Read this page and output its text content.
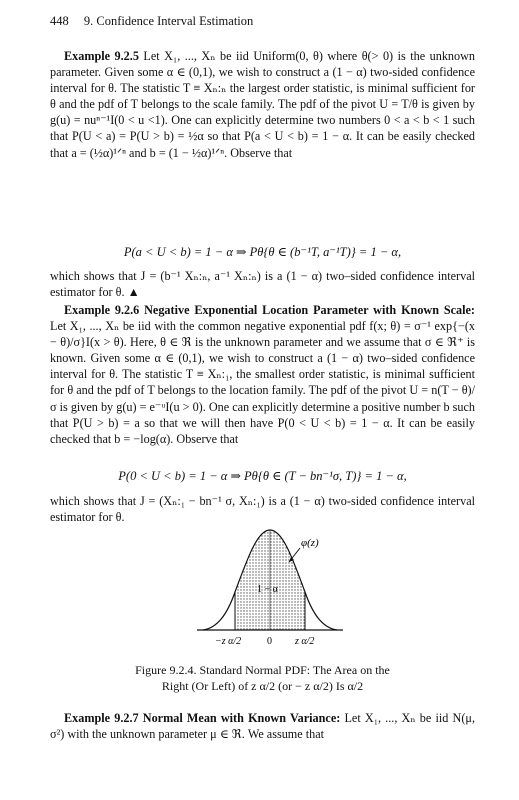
448 9. Confidence Interval Estimation
Example 9.2.5 Let X₁, ..., Xₙ be iid Uniform(0, θ) where θ(> 0) is the unknown parameter. Given some α ∈ (0,1), we wish to construct a (1 − α) two-sided confidence interval for θ. The statistic T ≡ Xₙ:ₙ the largest order statistic, is minimal sufficient for θ and the pdf of T belongs to the scale family. The pdf of the pivot U = T/θ is given by g(u) = nuⁿ⁻¹I(0 < u <1). One can explicitly determine two numbers 0 < a < b < 1 such that P(U < a) = P(U > b) = ½α so that P(a < U < b) = 1 − α. It can be easily checked that a = (½α)¹ᐟⁿ and b = (1 − ½α)¹ᐟⁿ. Observe that
P(a < U < b) = 1 − α ⇒ Pθ{θ ∈ (b⁻¹T, a⁻¹T)} = 1 − α,
which shows that J = (b⁻¹ Xₙ:ₙ, a⁻¹ Xₙ:ₙ) is a (1 − α) two–sided confidence interval estimator for θ. ▲
Example 9.2.6 Negative Exponential Location Parameter with Known Scale: Let X₁, ..., Xₙ be iid with the common negative exponential pdf f(x; θ) = σ⁻¹ exp{−(x − θ)/σ}I(x > θ). Here, θ ∈ ℜ is the unknown parameter and we assume that σ ∈ ℜ⁺ is known. Given some α ∈ (0,1), we wish to construct a (1 − α) two–sided confidence interval for θ. The statistic T ≡ Xₙ:₁, the smallest order statistic, is minimal sufficient for θ and the pdf of T belongs to the location family. The pdf of the pivot U = n(T − θ)/σ is given by g(u) = e⁻ᵘI(u > 0). One can explicitly determine a positive number b such that P(U > b) = a so that we will then have P(0 < U < b) = 1 − α. It can be easily checked that b = −log(α). Observe that
P(0 < U < b) = 1 − α ⇒ Pθ{θ ∈ (T − bn⁻¹σ, T)} = 1 − α,
which shows that J = (Xₙ:₁ − bn⁻¹ σ, Xₙ:₁) is a (1 − α) two-sided confidence interval estimator for θ.
φ(z)
1 − α
−z α/2	0 z α/2
Figure 9.2.4. Standard Normal PDF: The Area on the
Right (Or Left) of z α/2 (or − z α/2) Is α/2
Example 9.2.7 Normal Mean with Known Variance: Let X₁, ..., Xₙ be iid N(μ, σ²) with the unknown parameter μ ∈ ℜ. We assume that
